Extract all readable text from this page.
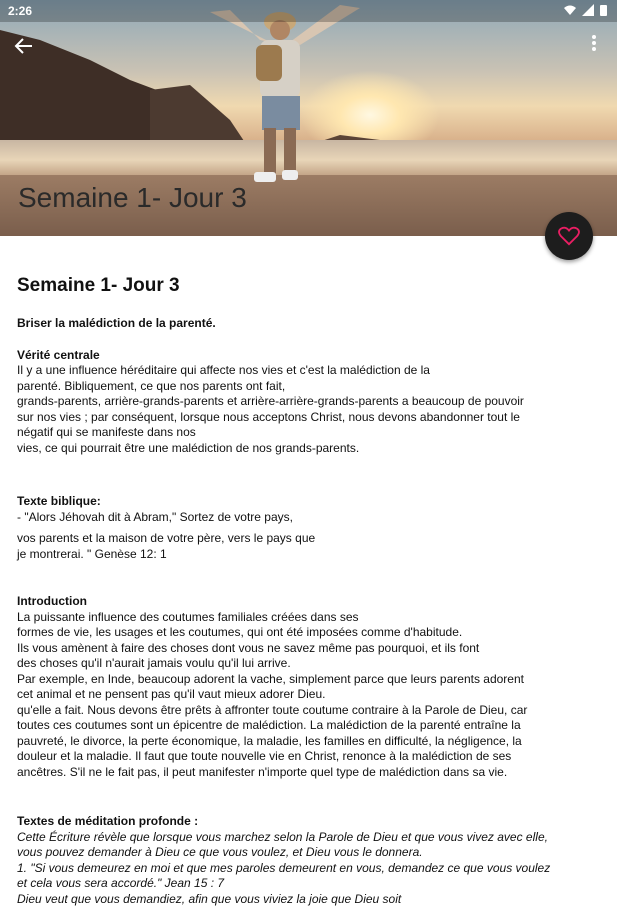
2:26
Semaine 1- Jour 3
Semaine 1- Jour 3

Briser la malédiction de la parenté.

Vérité centrale

Il y a une influence héréditaire qui affecte nos vies et c'est la malédiction de la

parenté. Bibliquement, ce que nos parents ont fait,

grands-parents, arrière-grands-parents et arrière-arrière-grands-parents a beaucoup de pouvoir

sur nos vies ; par conséquent, lorsque nous acceptons Christ, nous devons abandonner tout le

négatif qui se manifeste dans nos

vies, ce qui pourrait être une malédiction de nos grands-parents.

Texte biblique:

- "Alors Jéhovah dit à Abram," Sortez de votre pays,

vos parents et la maison de votre père, vers le pays que

je montrerai. " Genèse 12: 1

Introduction

La puissante influence des coutumes familiales créées dans ses

formes de vie, les usages et les coutumes, qui ont été imposées comme d'habitude.

Ils vous amènent à faire des choses dont vous ne savez même pas pourquoi, et ils font

des choses qu'il n'aurait jamais voulu qu'il lui arrive.

Par exemple, en Inde, beaucoup adorent la vache, simplement parce que leurs parents adorent

cet animal et ne pensent pas qu'il vaut mieux adorer Dieu.

qu'elle a fait. Nous devons être prêts à affronter toute coutume contraire à la Parole de Dieu, car

toutes ces coutumes sont un épicentre de malédiction. La malédiction de la parenté entraîne la

pauvreté, le divorce, la perte économique, la maladie, les familles en difficulté, la négligence, la

douleur et la maladie. Il faut que toute nouvelle vie en Christ, renonce à la malédiction de ses

ancêtres. S'il ne le fait pas, il peut manifester n'importe quel type de malédiction dans sa vie.

Textes de méditation profonde :

Cette Écriture révèle que lorsque vous marchez selon la Parole de Dieu et que vous vivez avec elle,

vous pouvez demander à Dieu ce que vous voulez, et Dieu vous le donnera.

1. "Si vous demeurez en moi et que mes paroles demeurent en vous, demandez ce que vous voulez

et cela vous sera accordé." Jean 15 : 7

Dieu veut que vous demandiez, afin que vous viviez la joie que Dieu soit
